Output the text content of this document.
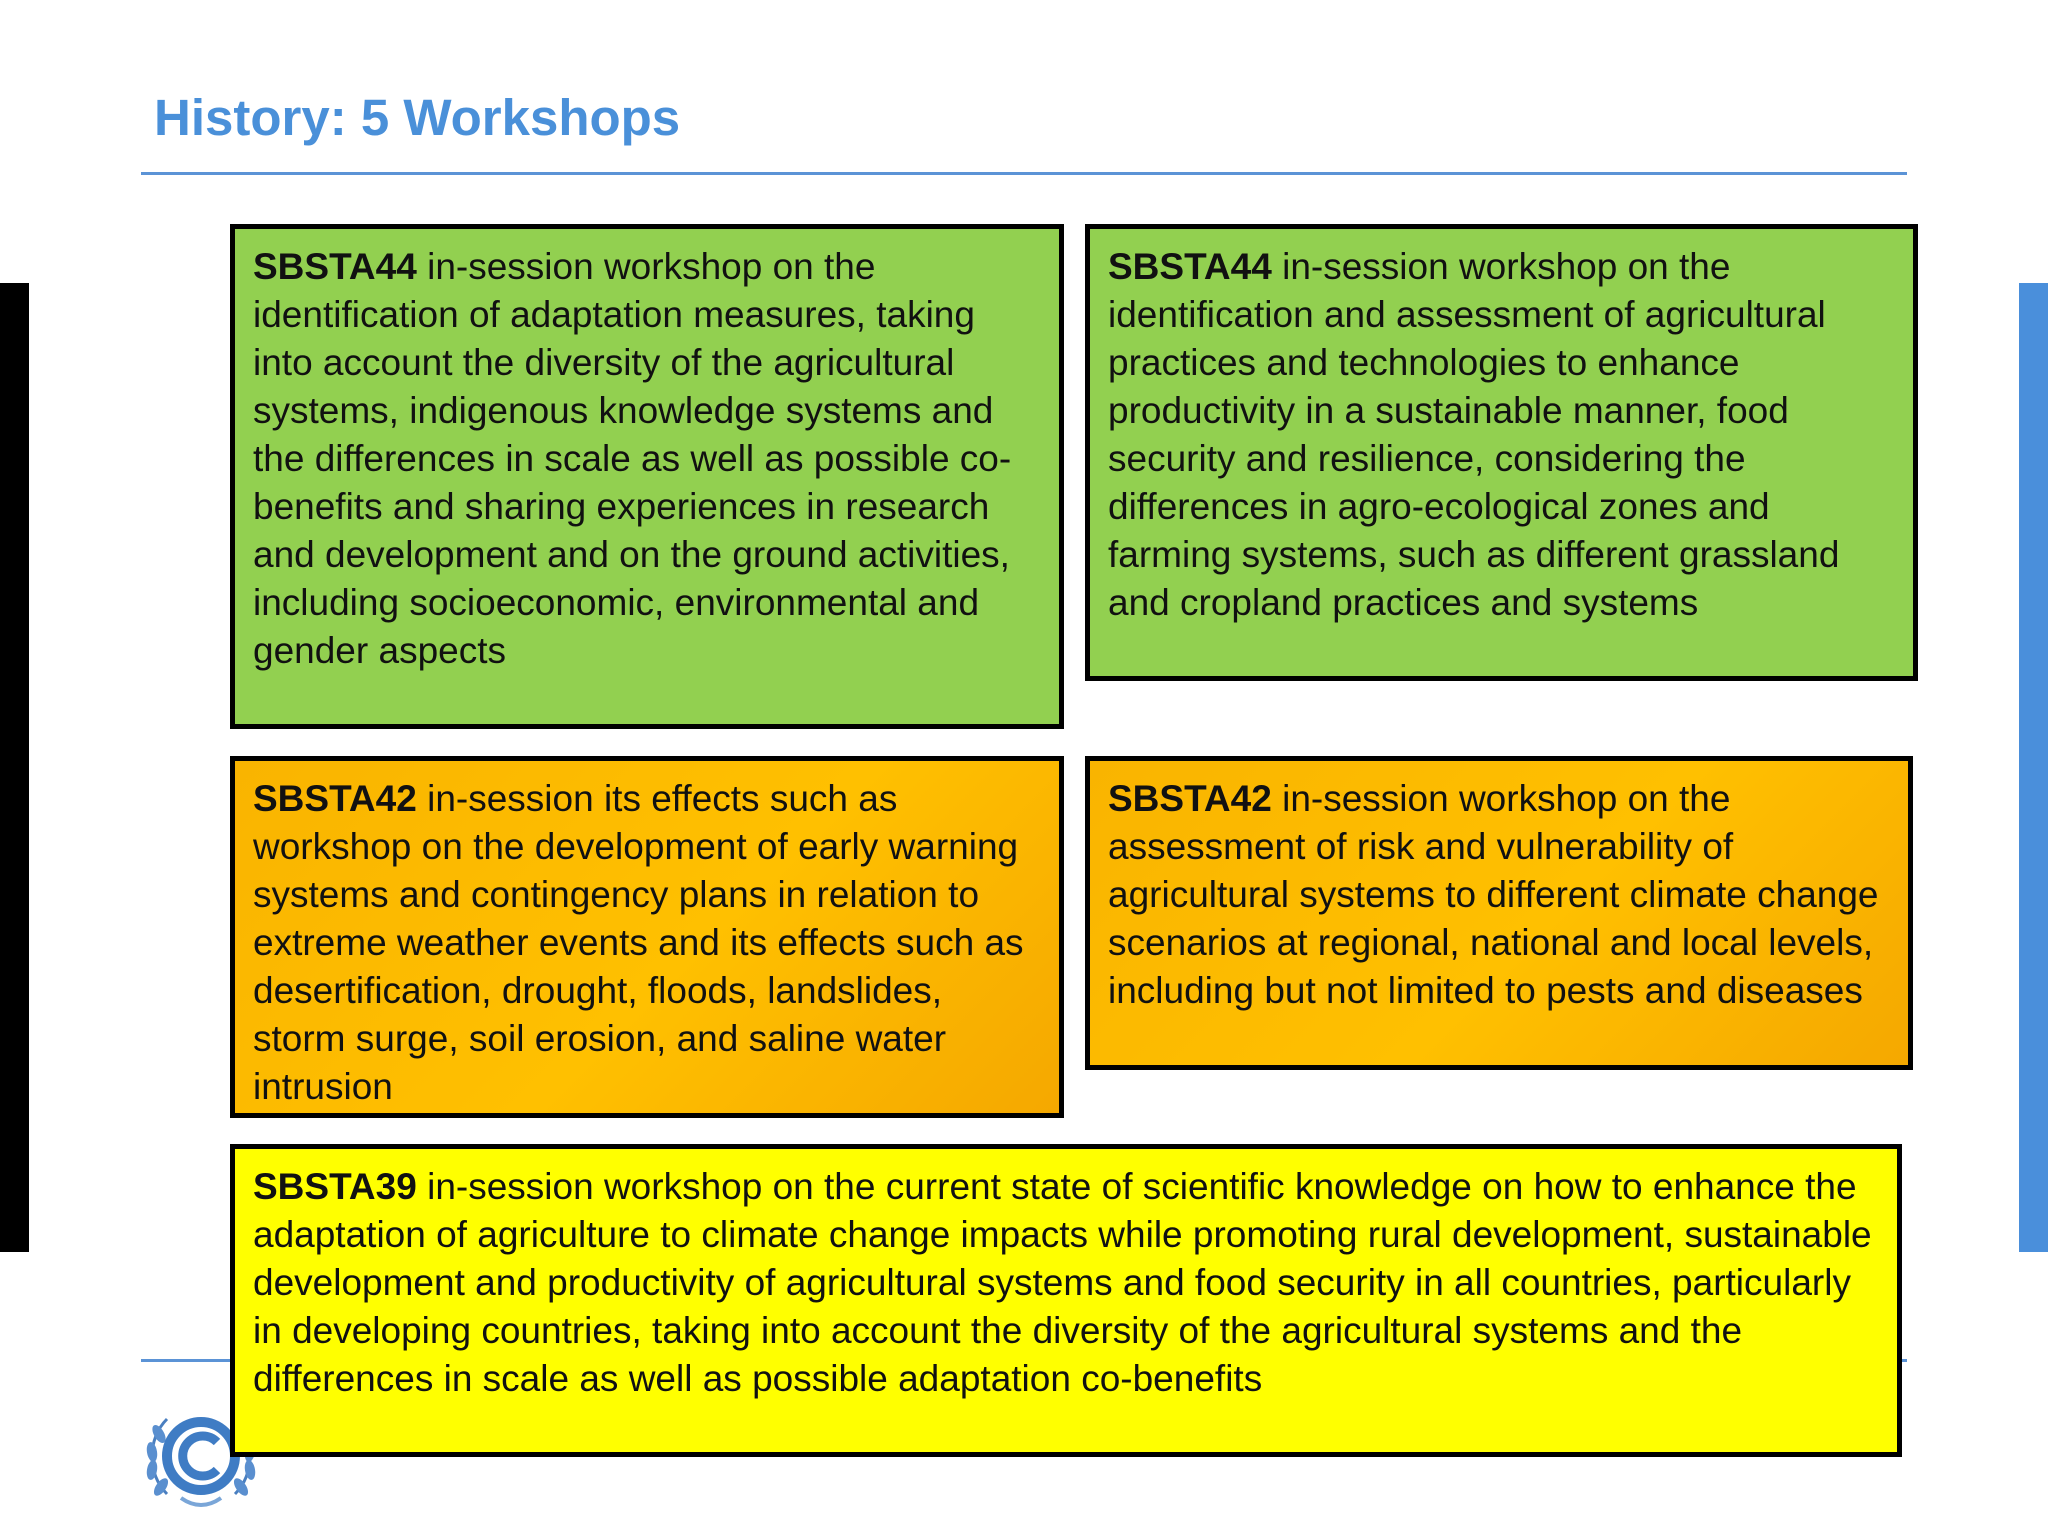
History: 5 Workshops
SBSTA44 in-session workshop on the identification of adaptation measures, taking into account the diversity of the agricultural systems, indigenous knowledge systems and the differences in scale as well as possible co-benefits and sharing experiences in research and development and on the ground activities, including socioeconomic, environmental and gender aspects
SBSTA44 in-session workshop on the identification and assessment of agricultural practices and technologies to enhance productivity in a sustainable manner, food security and resilience, considering the differences in agro-ecological zones and farming systems, such as different grassland and cropland practices and systems
SBSTA42 in-session its effects such as workshop on the development of early warning systems and contingency plans in relation to extreme weather events and its effects such as desertification, drought, floods, landslides, storm surge, soil erosion, and saline water intrusion
SBSTA42 in-session workshop on the assessment of risk and vulnerability of agricultural systems to different climate change scenarios at regional, national and local levels, including but not limited to pests and diseases
SBSTA39 in-session workshop on the current state of scientific knowledge on how to enhance the adaptation of agriculture to climate change impacts while promoting rural development, sustainable development and productivity of agricultural systems and food security in all countries, particularly in developing countries, taking into account the diversity of the agricultural systems and the differences in scale as well as possible adaptation co-benefits
